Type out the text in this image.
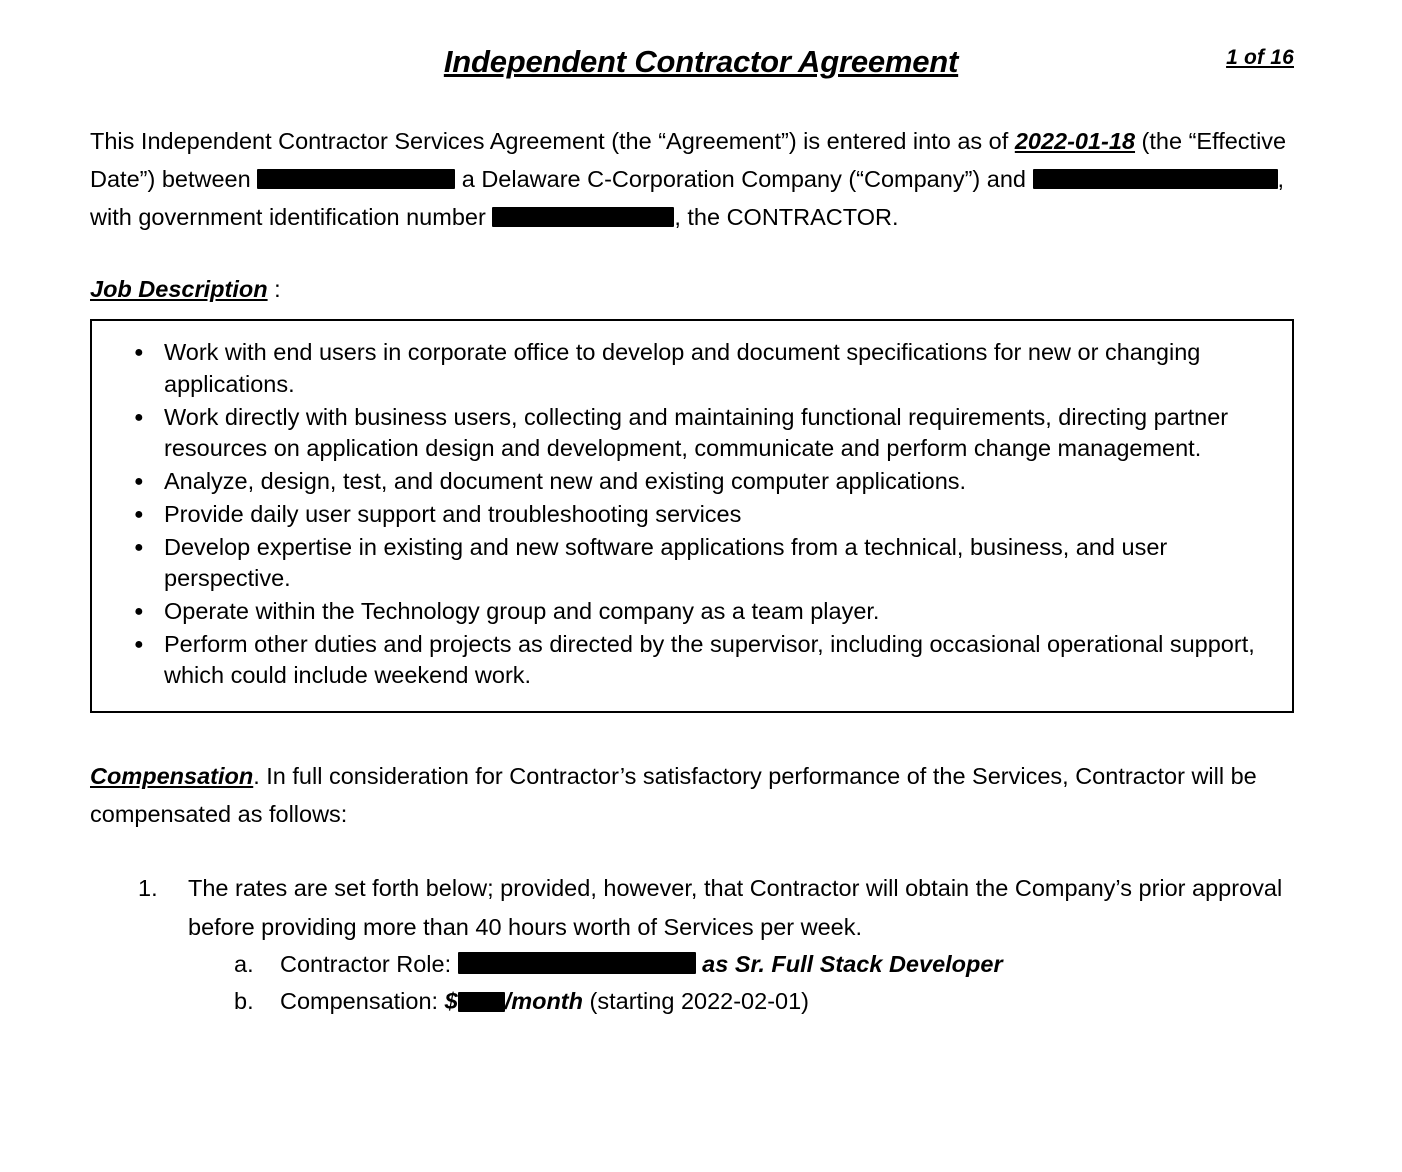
1 of 16
Independent Contractor Agreement

This Independent Contractor Services Agreement (the “Agreement”) is entered into as of 2022-01-18 (the “Effective Date”) between	a Delaware C-Corporation Company (“Company”) and	, with government identification number	, the CONTRACTOR.

Job Description :

● Work with end users in corporate office to develop and document specifications for new or changing applications.
● Work directly with business users, collecting and maintaining functional requirements, directing partner resources on application design and development, communicate and perform change management.
● Analyze, design, test, and document new and existing computer applications.
● Provide daily user support and troubleshooting services
● Develop expertise in existing and new software applications from a technical, business, and user perspective.
● Operate within the Technology group and company as a team player.
● Perform other duties and projects as directed by the supervisor, including occasional operational support, which could include weekend work.

Compensation. In full consideration for Contractor’s satisfactory performance of the Services, Contractor will be compensated as follows:

The rates are set forth below; provided, however, that Contractor will obtain the Company’s prior approval before providing more than 40 hours worth of Services per week.
Contractor Role:	as Sr. Full Stack Developer
Compensation: $ /month (starting 2022-02-01)
